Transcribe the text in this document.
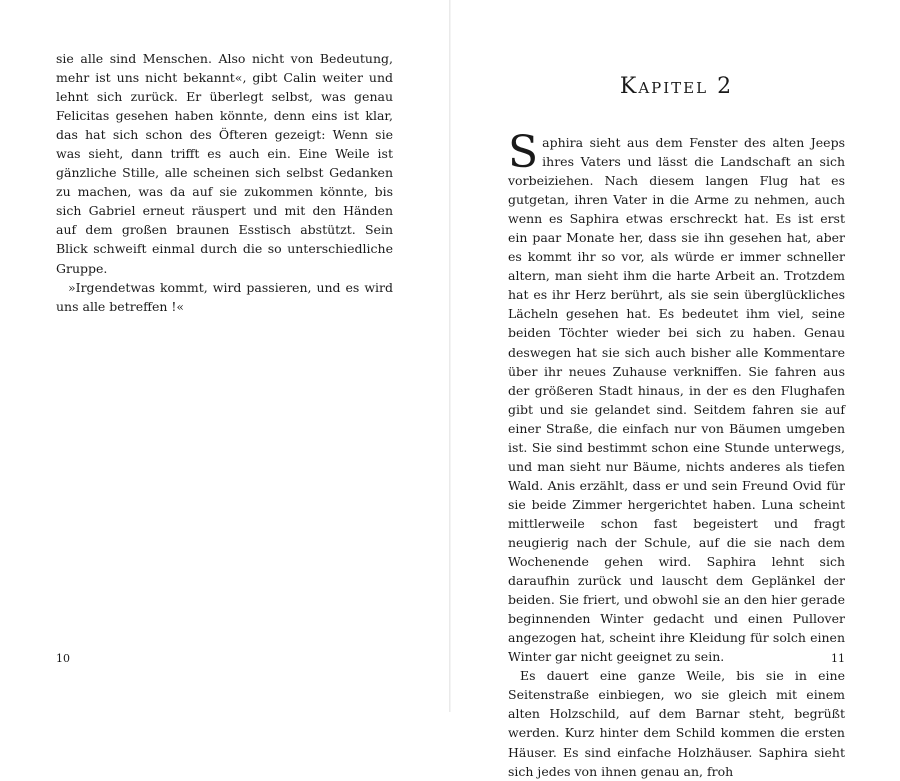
sie alle sind Menschen. Also nicht von Bedeutung, mehr ist uns nicht bekannt«, gibt Calin weiter und lehnt sich zurück. Er überlegt selbst, was genau Felicitas gesehen haben könnte, denn eins ist klar, das hat sich schon des Öfteren gezeigt: Wenn sie was sieht, dann trifft es auch ein. Eine Weile ist gänzliche Stille, alle scheinen sich selbst Gedanken zu machen, was da auf sie zukommen könnte, bis sich Gabriel erneut räuspert und mit den Händen auf dem großen braunen Esstisch abstützt. Sein Blick schweift einmal durch die so unterschiedliche Gruppe.

»Irgendetwas kommt, wird passieren, und es wird uns alle betreffen !«

10
Kapitel 2

Saphira sieht aus dem Fenster des alten Jeeps ihres Vaters und lässt die Landschaft an sich vorbeiziehen. Nach diesem langen Flug hat es gutgetan, ihren Vater in die Arme zu nehmen, auch wenn es Saphira etwas erschreckt hat. Es ist erst ein paar Monate her, dass sie ihn gesehen hat, aber es kommt ihr so vor, als würde er immer schneller altern, man sieht ihm die harte Arbeit an. Trotzdem hat es ihr Herz berührt, als sie sein überglückliches Lächeln gesehen hat. Es bedeutet ihm viel, seine beiden Töchter wieder bei sich zu haben. Genau deswegen hat sie sich auch bisher alle Kommentare über ihr neues Zuhause verkniffen. Sie fahren aus der größeren Stadt hinaus, in der es den Flughafen gibt und sie gelandet sind. Seitdem fahren sie auf einer Straße, die einfach nur von Bäumen umgeben ist. Sie sind bestimmt schon eine Stunde unterwegs, und man sieht nur Bäume, nichts anderes als tiefen Wald. Anis erzählt, dass er und sein Freund Ovid für sie beide Zimmer hergerichtet haben. Luna scheint mittlerweile schon fast begeistert und fragt neugierig nach der Schule, auf die sie nach dem Wochenende gehen wird. Saphira lehnt sich daraufhin zurück und lauscht dem Geplänkel der beiden. Sie friert, und obwohl sie an den hier gerade beginnenden Winter gedacht und einen Pullover angezogen hat, scheint ihre Kleidung für solch einen Winter gar nicht geeignet zu sein.

Es dauert eine ganze Weile, bis sie in eine Seitenstraße einbiegen, wo sie gleich mit einem alten Holzschild, auf dem Barnar steht, begrüßt werden. Kurz hinter dem Schild kommen die ersten Häuser. Es sind einfache Holzhäuser. Saphira sieht sich jedes von ihnen genau an, froh

11
